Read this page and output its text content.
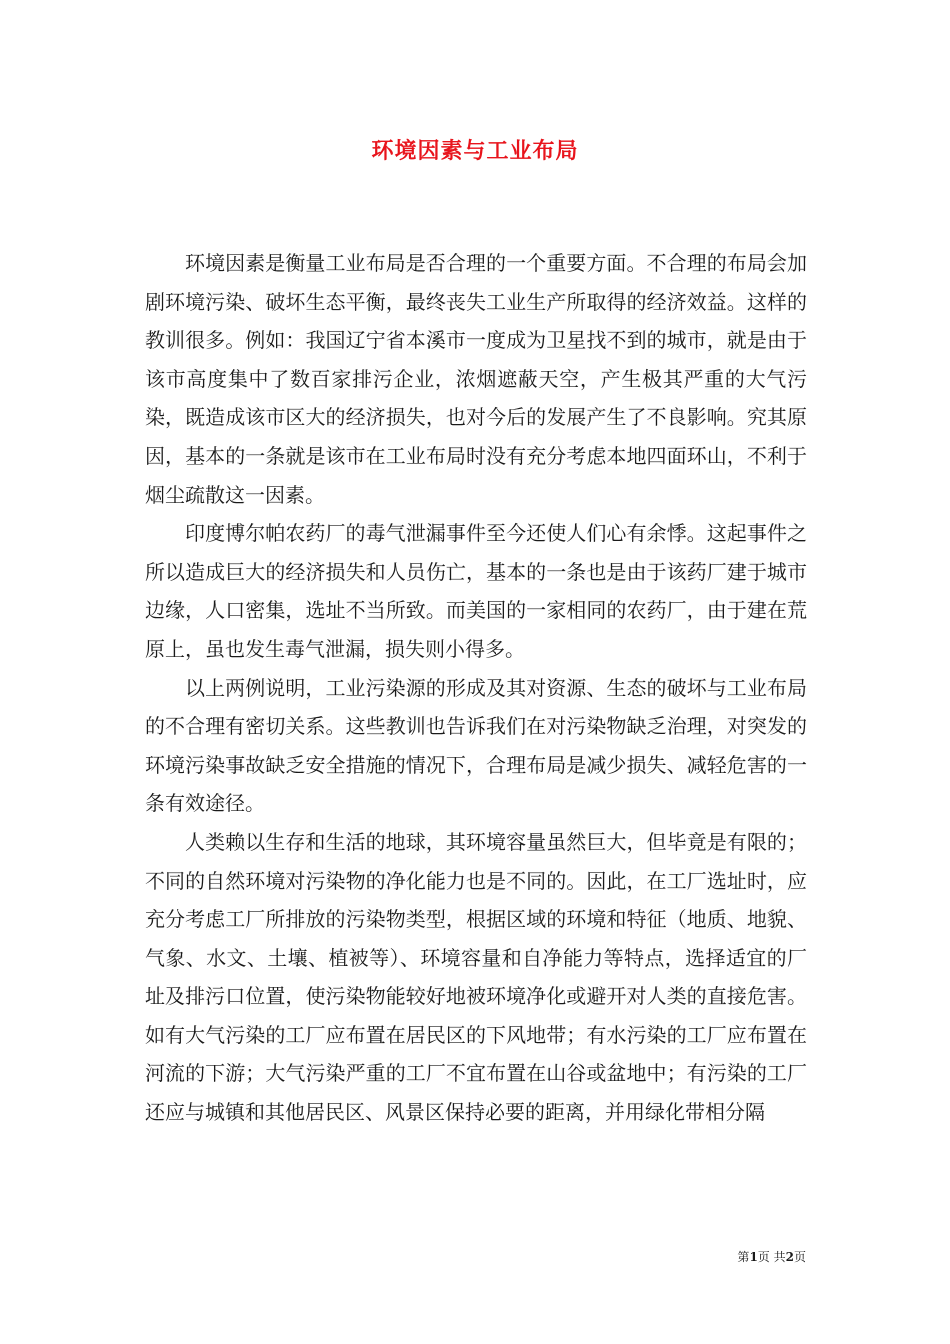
环境因素与工业布局

环境因素是衡量工业布局是否合理的一个重要方面。不合理的布局会加剧环境污染、破坏生态平衡，最终丧失工业生产所取得的经济效益。这样的教训很多。例如：我国辽宁省本溪市一度成为卫星找不到的城市，就是由于该市高度集中了数百家排污企业，浓烟遮蔽天空，产生极其严重的大气污染，既造成该市区大的经济损失，也对今后的发展产生了不良影响。究其原因，基本的一条就是该市在工业布局时没有充分考虑本地四面环山，不利于烟尘疏散这一因素。

印度博尔帕农药厂的毒气泄漏事件至今还使人们心有余悸。这起事件之所以造成巨大的经济损失和人员伤亡，基本的一条也是由于该药厂建于城市边缘，人口密集，选址不当所致。而美国的一家相同的农药厂，由于建在荒原上，虽也发生毒气泄漏，损失则小得多。

以上两例说明，工业污染源的形成及其对资源、生态的破坏与工业布局的不合理有密切关系。这些教训也告诉我们在对污染物缺乏治理，对突发的环境污染事故缺乏安全措施的情况下，合理布局是减少损失、减轻危害的一条有效途径。

人类赖以生存和生活的地球，其环境容量虽然巨大，但毕竟是有限的；不同的自然环境对污染物的净化能力也是不同的。因此，在工厂选址时，应充分考虑工厂所排放的污染物类型，根据区域的环境和特征（地质、地貌、气象、水文、土壤、植被等）、环境容量和自净能力等特点，选择适宜的厂址及排污口位置，使污染物能较好地被环境净化或避开对人类的直接危害。如有大气污染的工厂应布置在居民区的下风地带；有水污染的工厂应布置在河流的下游；大气污染严重的工厂不宜布置在山谷或盆地中；有污染的工厂还应与城镇和其他居民区、风景区保持必要的距离，并用绿化带相分隔

第1页 共2页
